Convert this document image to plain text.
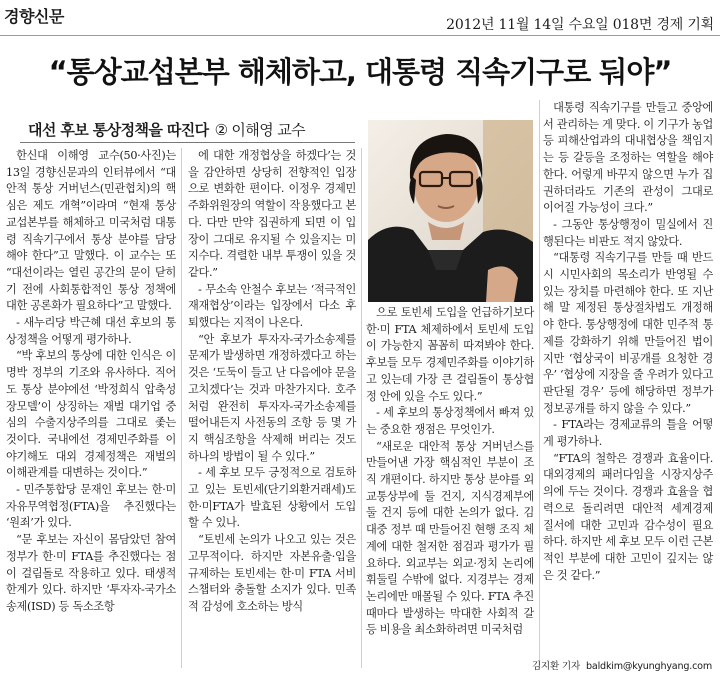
경향신문	2012년 11월 14일 수요일 018면 경제 기획
“통상교섭본부 해체하고, 대통령 직속기구로 둬야”
대선 후보 통상정책을 따진다 ② 이해영 교수

한신대 이해영 교수(50·사진)는 13일 경향신문과의 인터뷰에서 “대안적 통상 거버넌스(민관협치)의 핵심은 제도 개혁”이라며 “현재 통상교섭본부를 해체하고 미국처럼 대통령 직속기구에서 통상 분야를 담당해야 한다”고 말했다. 이 교수는 또 “대선이라는 열린 공간의 문이 닫히기 전에 사회통합적인 통상 정책에 대한 공론화가 필요하다”고 말했다.

- 새누리당 박근혜 대선 후보의 통상정책을 어떻게 평가하나.

“박 후보의 통상에 대한 인식은 이명박 정부의 기조와 유사하다. 직어도 통상 분야에선 ‘박정희식 압축성장모델’이 상징하는 재벌 대기업 중심의 수출지상주의를 그대로 좇는 것이다. 국내에선 경제민주화를 이야기해도 대외 경제정책은 재벌의 이해관계를 대변하는 것이다.”

- 민주통합당 문재인 후보는 한·미 자유무역협정(FTA)을 추진했다는 ‘원죄’가 있다.

“문 후보는 자신이 몸담았던 참여정부가 한·미 FTA를 추진했다는 점이 걸림돌로 작용하고 있다. 태생적 한계가 있다. 하지만 ‘투자자-국가소송제(ISD) 등 독소조항

에 대한 개정협상을 하겠다’는 것을 감안하면 상당히 전향적인 입장으로 변화한 편이다. 이정우 경제민주화위원장의 역할이 작용했다고 본다. 다만 만약 집권하게 되면 이 입장이 그대로 유지될 수 있을지는 미지수다. 격렬한 내부 투쟁이 있을 것 같다.”

- 무소속 안철수 후보는 ‘적극적인 재재협상’이라는 입장에서 다소 후퇴했다는 지적이 나온다.

“안 후보가 투자자-국가소송제를 문제가 발생하면 개정하겠다고 하는 것은 ‘도둑이 들고 난 다음에야 문을 고치겠다’는 것과 마찬가지다. 호주처럼 완전히 투자자-국가소송제를 떨어내든지 사전동의 조항 등 몇 가지 핵심조항을 삭제해 버리는 것도 하나의 방법이 될 수 있다.”

- 세 후보 모두 긍정적으로 검토하고 있는 토빈세(단기외환거래세)도 한·미FTA가 발효된 상황에서 도입할 수 있나.

“토빈세 논의가 나오고 있는 것은 고무적이다. 하지만 자본유출·입을 규제하는 토빈세는 한·미 FTA 서비스챕터와 충돌할 소지가 있다. 민족적 감성에 호소하는 방식

으로 토빈세 도입을 언급하기보다 한·미 FTA 체제하에서 토빈세 도입이 가능한지 꼼꼼히 따져봐야 한다. 후보들 모두 경제민주화를 이야기하고 있는데 가장 큰 걸림돌이 통상협정 안에 있을 수도 있다.”

- 세 후보의 통상정책에서 빠져 있는 중요한 쟁점은 무엇인가.

“새로운 대안적 통상 거버넌스를 만들어낸 가장 핵심적인 부분이 조직 개편이다. 하지만 통상 분야를 외교통상부에 둘 건지, 지식경제부에 둘 건지 등에 대한 논의가 없다. 김대중 정부 때 만들어진 현행 조직 체계에 대한 철저한 점검과 평가가 필요하다. 외교부는 외교·정치 논리에 휘둘릴 수밖에 없다. 지경부는 경제논리에만 매몰될 수 있다. FTA 추진 때마다 발생하는 막대한 사회적 갈등 비용을 최소화하려면 미국처럼

대통령 직속기구를 만들고 중앙에서 관리하는 게 맞다. 이 기구가 농업 등 피해산업과의 대내협상을 책임지는 등 갈등을 조정하는 역할을 해야 한다. 어렇게 바꾸지 않으면 누가 집권하더라도 기존의 관성이 그대로 이어질 가능성이 크다.”

- 그동안 통상행정이 밀실에서 진행된다는 비판도 적지 않았다.

“대통령 직속기구를 만들 때 반드시 시민사회의 목소리가 반영될 수 있는 장치를 마련해야 한다. 또 지난해 말 제정된 통상절차법도 개정해야 한다. 통상행정에 대한 민주적 통제를 강화하기 위해 만들어진 법이지만 ‘협상국이 비공개를 요청한 경우’ ‘협상에 지장을 줄 우려가 있다고 판단될 경우’ 등에 해당하면 정부가 정보공개를 하지 않을 수 있다.”

- FTA라는 경제교류의 틀을 어떻게 평가하나.

“FTA의 철학은 경쟁과 효율이다. 대외경제의 패러다임을 시장지상주의에 두는 것이다. 경쟁과 효율을 협력으로 돌리려면 대안적 세계경제 질서에 대한 고민과 감수성이 필요하다. 하지만 세 후보 모두 이런 근본적인 부분에 대한 고민이 깊지는 않은 것 같다.”

김지환 기자 baldkim@kyunghyang.com
